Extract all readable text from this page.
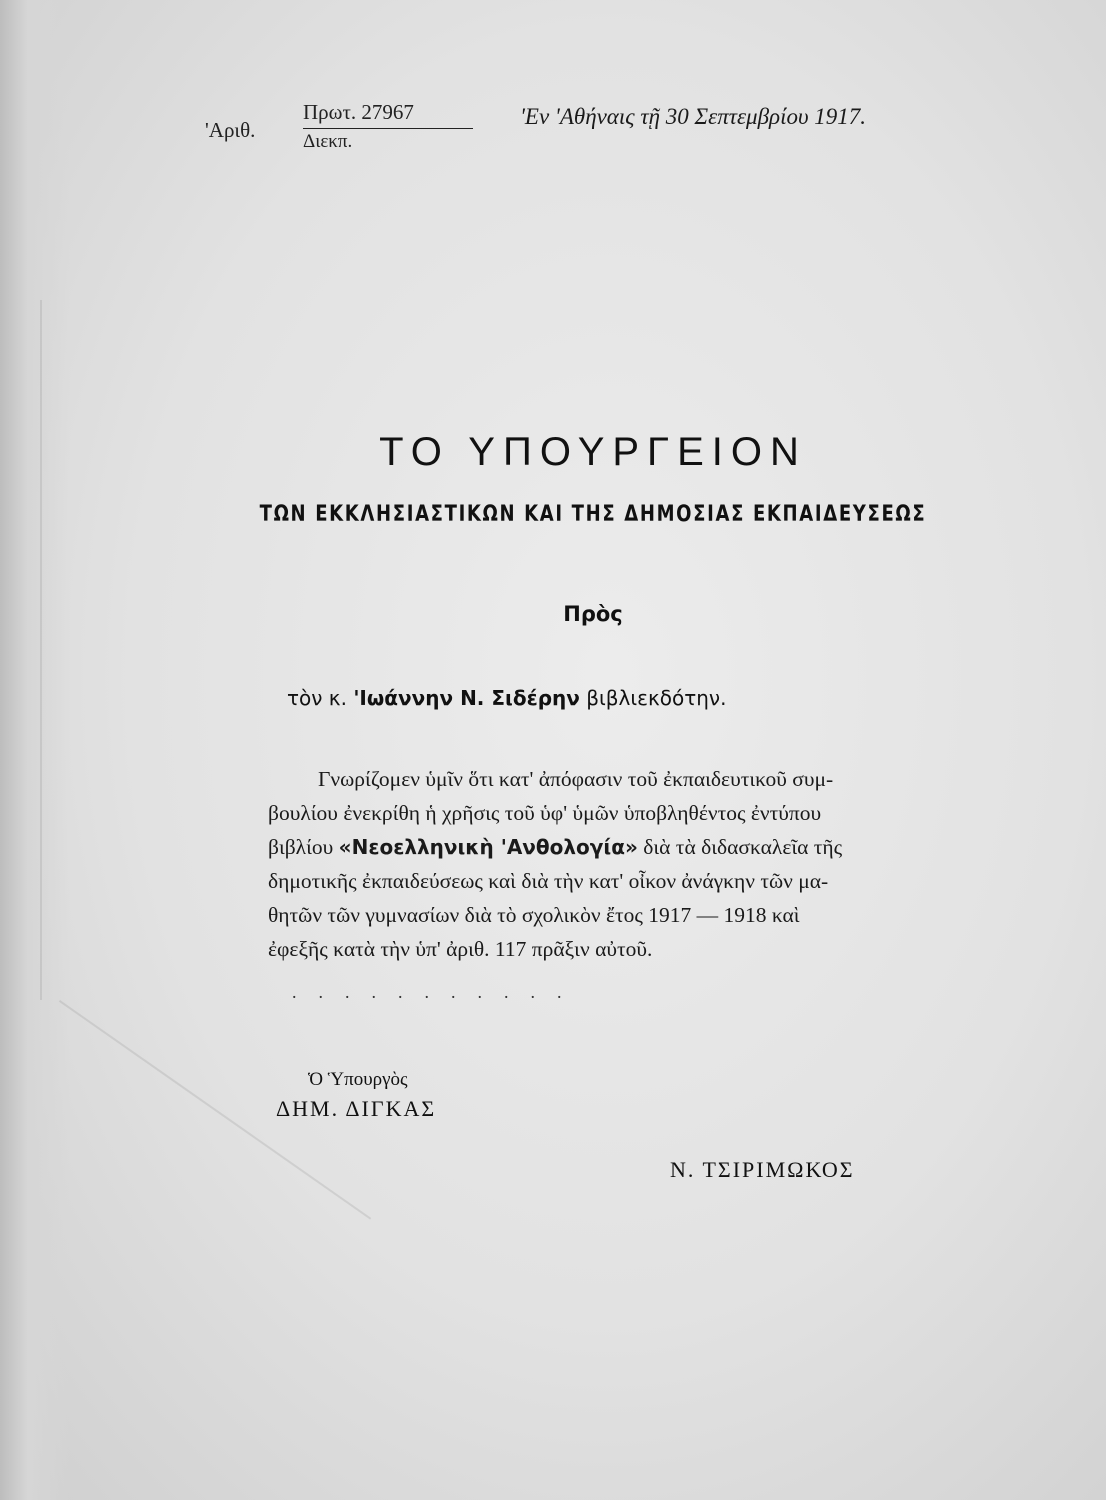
'Αριθ.
Πρωτ. 27967
Διεκπ.
'Εν 'Αθήναις τῇ 30 Σεπτεμβρίου 1917.
ΤΟ ΥΠΟΥΡΓΕΙΟΝ
ΤΩΝ ΕΚΚΛΗΣΙΑΣΤΙΚΩΝ ΚΑΙ ΤΗΣ ΔΗΜΟΣΙΑΣ ΕΚΠΑΙΔΕΥΣΕΩΣ
Πρὸς
τὸν κ. 'Ιωάννην Ν. Σιδέρην βιβλιεκδότην.
Γνωρίζομεν ὑμῖν ὅτι κατ' ἀπόφασιν τοῦ ἐκπαιδευτικοῦ συμ-
βουλίου ἐνεκρίθη ἡ χρῆσις τοῦ ὑφ' ὑμῶν ὑποβληθέντος ἐντύπου
βιβλίου «Νεοελληνικὴ 'Ανθολογία» διὰ τὰ διδασκαλεῖα τῆς
δημοτικῆς ἐκπαιδεύσεως καὶ διὰ τὴν κατ' οἶκον ἀνάγκην τῶν μα-
θητῶν τῶν γυμνασίων διὰ τὸ σχολικὸν ἔτος 1917 — 1918 καὶ
ἐφεξῆς κατὰ τὴν ὑπ' ἀριθ. 117 πρᾶξιν αὐτοῦ.
...........
Ὁ Ὑπουργὸς
ΔΗΜ. ΔΙΓΚΑΣ
Ν. ΤΣΙΡΙΜΩΚΟΣ
